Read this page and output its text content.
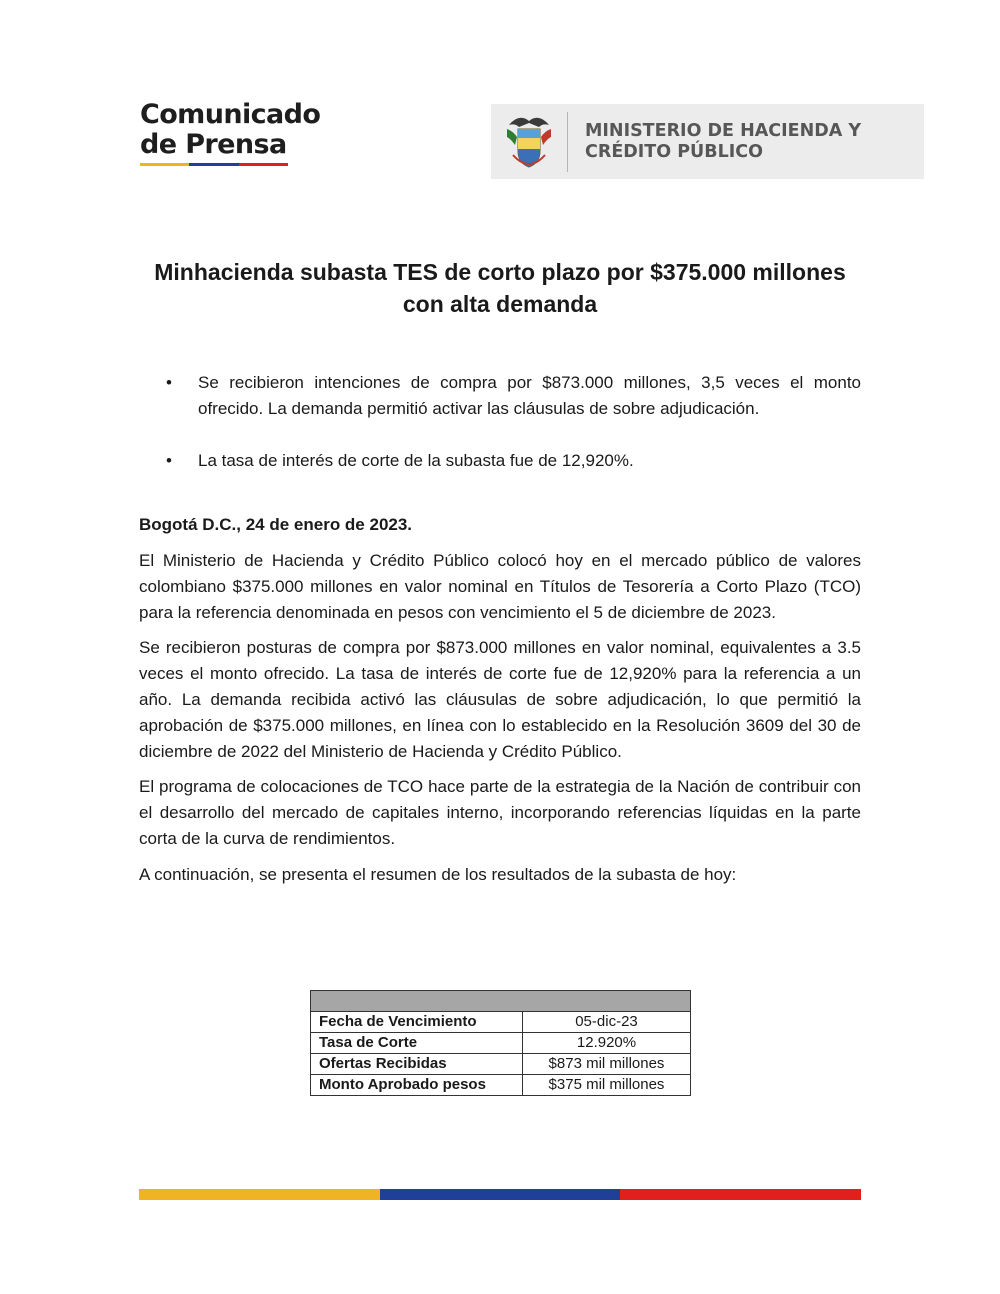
Comunicado
de Prensa	MINISTERIO DE HACIENDA Y
CRÉDITO PÚBLICO
Minhacienda subasta TES de corto plazo por $375.000 millones
con alta demanda
• Se recibieron intenciones de compra por $873.000 millones, 3,5 veces el monto ofrecido. La demanda permitió activar las cláusulas de sobre adjudicación.
• La tasa de interés de corte de la subasta fue de 12,920%.

Bogotá D.C., 24 de enero de 2023.

El Ministerio de Hacienda y Crédito Público colocó hoy en el mercado público de valores colombiano $375.000 millones en valor nominal en Títulos de Tesorería a Corto Plazo (TCO) para la referencia denominada en pesos con vencimiento el 5 de diciembre de 2023.

Se recibieron posturas de compra por $873.000 millones en valor nominal, equivalentes a 3.5 veces el monto ofrecido. La tasa de interés de corte fue de 12,920% para la referencia a un año. La demanda recibida activó las cláusulas de sobre adjudicación, lo que permitió la aprobación de $375.000 millones, en línea con lo establecido en la Resolución 3609 del 30 de diciembre de 2022 del Ministerio de Hacienda y Crédito Público.

El programa de colocaciones de TCO hace parte de la estrategia de la Nación de contribuir con el desarrollo del mercado de capitales interno, incorporando referencias líquidas en la parte corta de la curva de rendimientos.

A continuación, se presenta el resumen de los resultados de la subasta de hoy:

Fecha de Vencimiento	05-dic-23
Tasa de Corte	12.920%
Ofertas Recibidas	$873 mil millones
Monto Aprobado pesos	$375 mil millones
